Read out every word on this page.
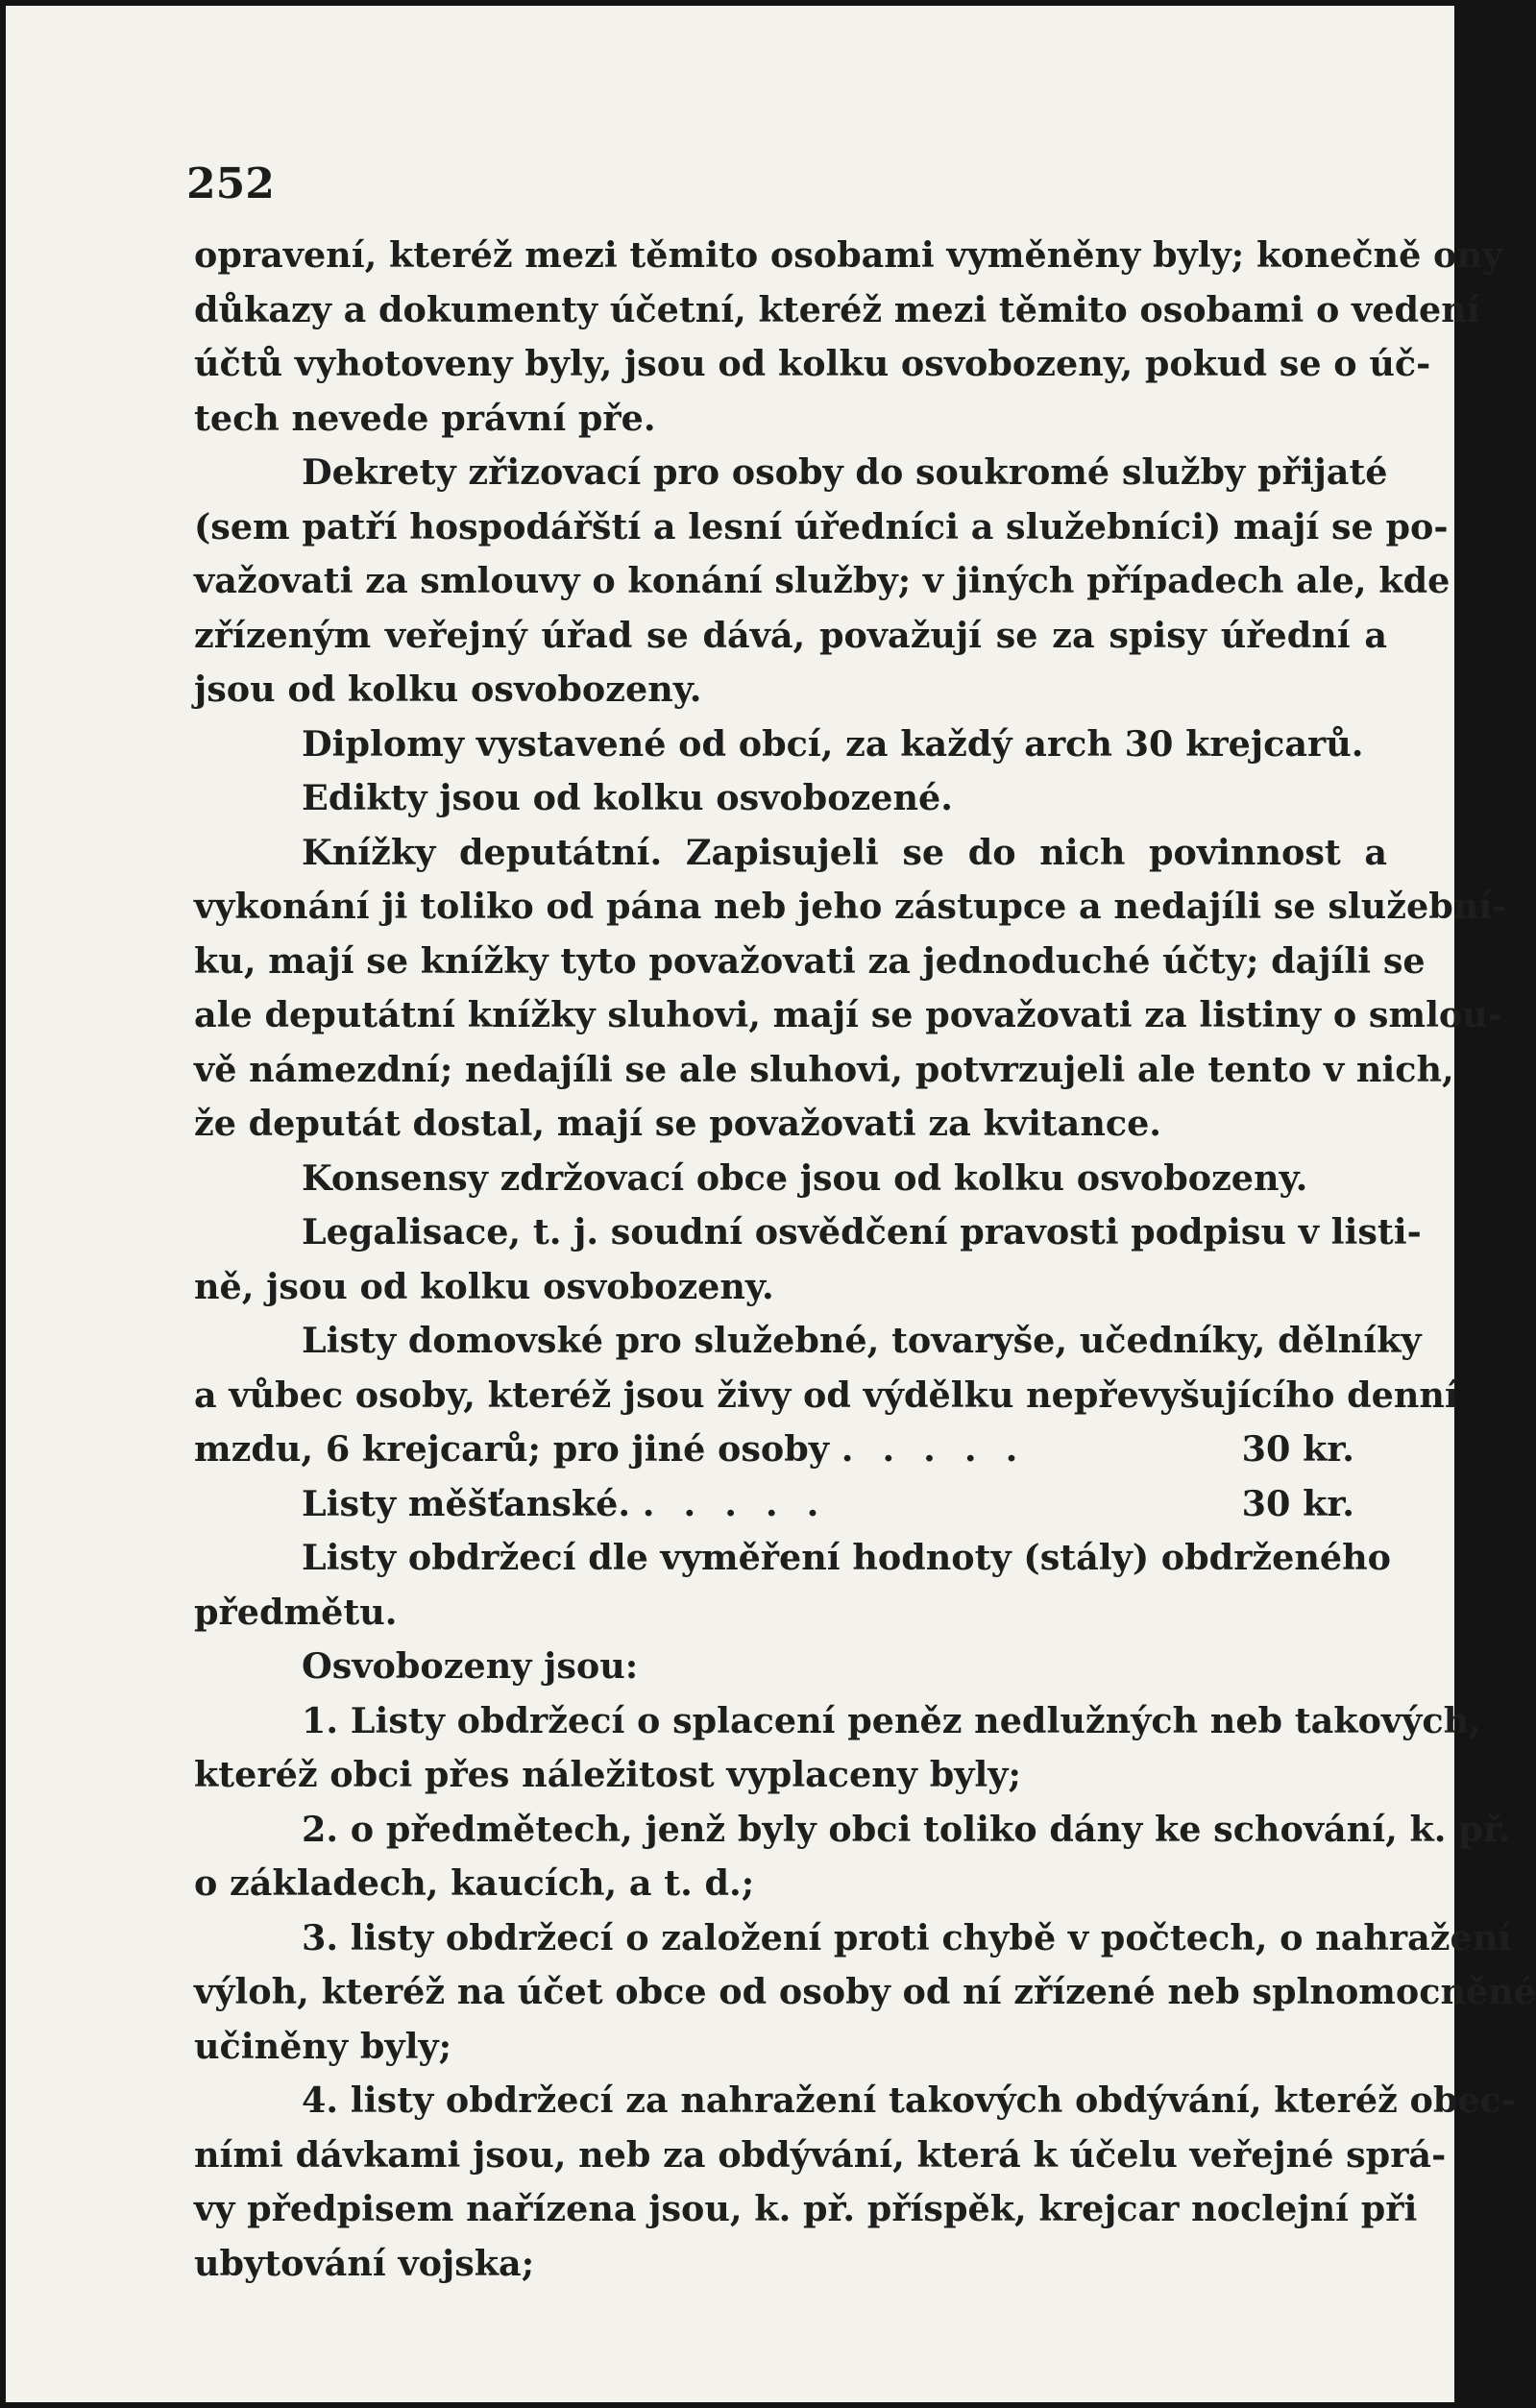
252
opravení, kteréž mezi těmito osobami vyměněny byly; konečně ony
důkazy a dokumenty účetní, kteréž mezi těmito osobami o vedení
účtů vyhotoveny byly, jsou od kolku osvobozeny, pokud se o úč-
tech nevede právní pře.
Dekrety zřizovací pro osoby do soukromé služby přijaté
(sem patří hospodářští a lesní úředníci a služebníci) mají se po-
važovati za smlouvy o konání služby; v jiných případech ale, kde
zřízeným veřejný úřad se dává, považují se za spisy úřední a
jsou od kolku osvobozeny.
Diplomy vystavené od obcí, za každý arch 30 krejcarů.
Edikty jsou od kolku osvobozené.
Knížky deputátní. Zapisujeli se do nich povinnost a
vykonání ji toliko od pána neb jeho zástupce a nedajíli se služební-
ku, mají se knížky tyto považovati za jednoduché účty; dajíli se
ale deputátní knížky sluhovi, mají se považovati za listiny o smlou-
vě námezdní; nedajíli se ale sluhovi, potvrzujeli ale tento v nich,
že deputát dostal, mají se považovati za kvitance.
Konsensy zdržovací obce jsou od kolku osvobozeny.
Legalisace, t. j. soudní osvědčení pravosti podpisu v listi-
ně, jsou od kolku osvobozeny.
Listy domovské pro služebné, tovaryše, učedníky, dělníky
a vůbec osoby, kteréž jsou živy od výdělku nepřevyšujícího denní
mzdu, 6 krejcarů; pro jiné osoby .....	30 kr.
Listy měšťanské. .....	30 kr.
Listy obdržecí dle vyměření hodnoty (stály) obdrženého
předmětu.
Osvobozeny jsou:
1. Listy obdržecí o splacení peněz nedlužných neb takových,
kteréž obci přes náležitost vyplaceny byly;
2. o předmětech, jenž byly obci toliko dány ke schování, k. př.
o základech, kaucích, a t. d.;
3. listy obdržecí o založení proti chybě v počtech, o nahražení
výloh, kteréž na účet obce od osoby od ní zřízené neb splnomocněné
učiněny byly;
4. listy obdržecí za nahražení takových obdývání, kteréž obec-
ními dávkami jsou, neb za obdývání, která k účelu veřejné sprá-
vy předpisem nařízena jsou, k. př. příspěk, krejcar noclejní při
ubytování vojska;
